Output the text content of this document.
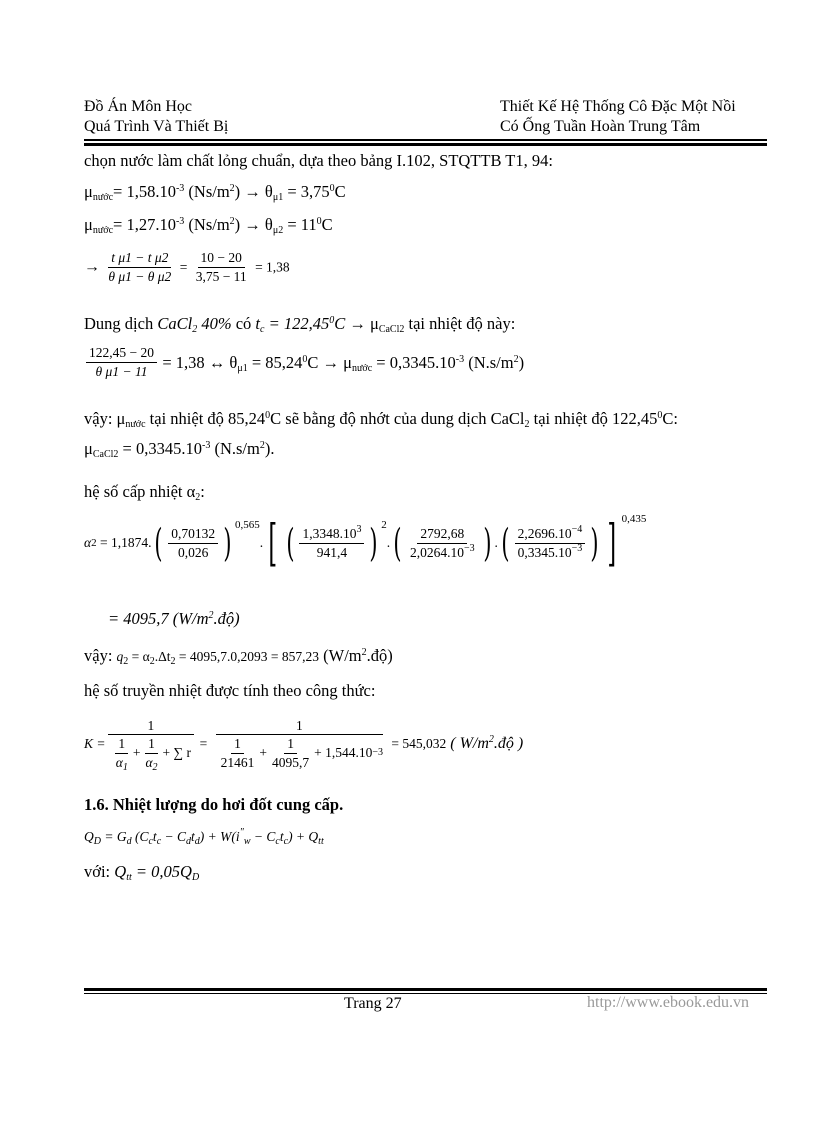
Đồ Án Môn Học
Quá Trình Và Thiết Bị
Thiết Kế Hệ Thống Cô Đặc Một Nồi
Có Ống Tuần Hoàn Trung Tâm
chọn nước làm chất lỏng chuẩn, dựa theo bảng I.102, STQTTB T1, 94:
$\mu_{nước}= 1,58.10^{-3}$ $(Ns/m^2) \to \theta_{\mu 1} = 3,75^0C$
$\mu_{nước}= 1,27.10^{-3}$ $(Ns/m^2) \to \theta_{\mu 2} = 11^0C$
→ $\frac{\text{t μ1 − t μ2}}{\text{θ μ1 − θ μ2}} = \frac{10 - 20}{3,75 - 11} = 1,38$
Dung dịch CaCl$_2$ 40% có $t_c = 122,45^0C \to \mu_{CaCl2}$ tại nhiệt độ này:
$\frac{122,45 - 20}{\text{θ μ1 − 11}} = 1,38$ ↔ $\theta_{\mu 1} = 85,24^0C \to \mu_{nước} = 0,3345.10^{-3}$ $(N.s/m^2)$
vậy: $\mu_{nước}$ tại nhiệt độ 85,24$^0$C sẽ bằng độ nhớt của dung dịch CaCl$_2$ tại nhiệt độ 122,45$^0$C:
$\mu_{CaCl2} = 0,3345.10^{-3}$ $(N.s/m^2)$.
hệ số cấp nhiệt $\alpha_2$:
α 2
= 1,1874. ( $\frac{0,70132}{0,026}$ ) 0,565
. [ ( $\frac{1,3348.10^3}{941,4}$ ) 2
. ( $\frac{2792,68}{2,0264.10^{-3}}$ ) . ( $\frac{2,2696.10^{-4}}{0,3345.10^{-3}}$ ) ] 0,435
= 4095,7 $(W/m^2.độ)$
vậy: $q_2 = \alpha_2.\Delta t_2 = 4095,7.0,2093 = 857,23$ $(W/m^2.độ)$
hệ số truyền nhiệt được tính theo công thức:
$K = \frac{1}{\frac{1}{\alpha_1} + \frac{1}{\alpha_2} + \sum r} = \frac{1}{\frac{1}{21461} + \frac{1}{4095,7} + 1,544.10 -3}$
= 545,032 ( $W/m^2.độ$ )
1.6. Nhiệt lượng do hơi đốt cung cấp.
$Q_D = G_d$ $(C_ct_c - C_dt_d) + W(i^"_w - C_ct_c) + Q_{tt}$
với: $Q_{tt} = 0,05Q_D$
Trang 27	http://www.ebook.edu.vn
